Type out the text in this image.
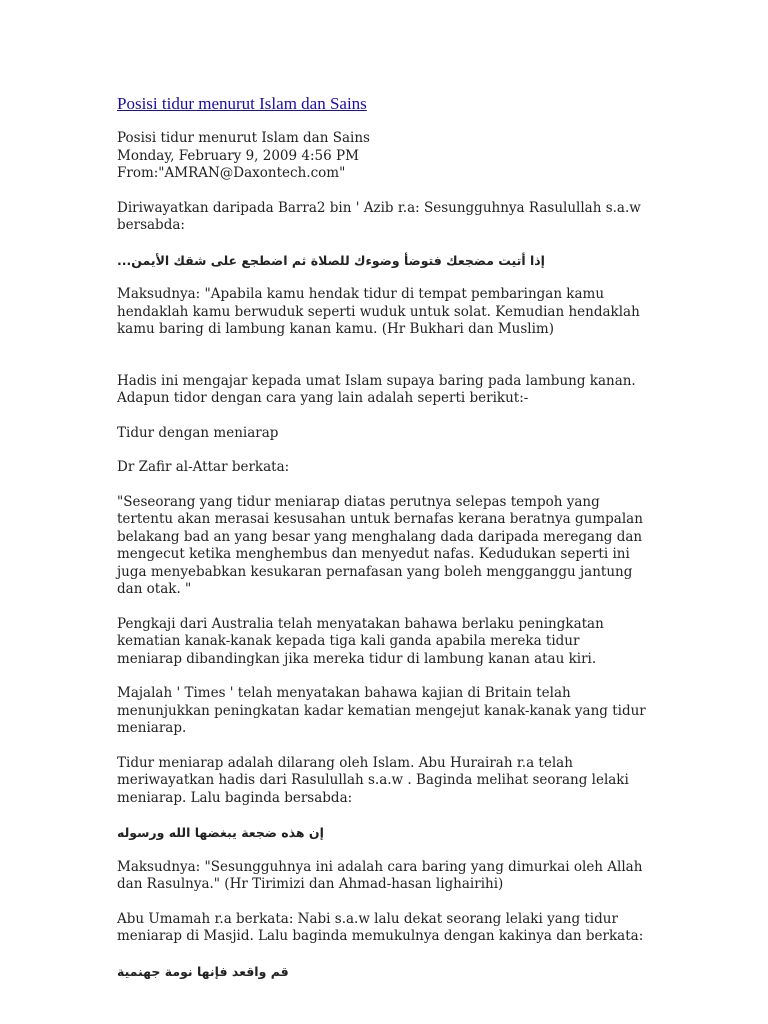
Posisi tidur menurut Islam dan Sains

Posisi tidur menurut Islam dan Sains
Monday, February 9, 2009 4:56 PM
From:"AMRAN@Daxontech.com"

Diriwayatkan daripada Barra2 bin ' Azib r.a: Sesungguhnya Rasulullah s.a.w bersabda:

إذا أتيت مضجعك فتوضأ وضوءك للصلاة ثم اضطجع على شقك الأيمن...

Maksudnya: "Apabila kamu hendak tidur di tempat pembaringan kamu hendaklah kamu berwuduk seperti wuduk untuk solat. Kemudian hendaklah kamu baring di lambung kanan kamu. (Hr Bukhari dan Muslim)

Hadis ini mengajar kepada umat Islam supaya baring pada lambung kanan. Adapun tidor dengan cara yang lain adalah seperti berikut:-

Tidur dengan meniarap

Dr Zafir al-Attar berkata:

"Seseorang yang tidur meniarap diatas perutnya selepas tempoh yang tertentu akan merasai kesusahan untuk bernafas kerana beratnya gumpalan belakang bad an yang besar yang menghalang dada daripada meregang dan mengecut ketika menghembus dan menyedut nafas. Kedudukan seperti ini juga menyebabkan kesukaran pernafasan yang boleh mengganggu jantung dan otak. "

Pengkaji dari Australia telah menyatakan bahawa berlaku peningkatan kematian kanak-kanak kepada tiga kali ganda apabila mereka tidur meniarap dibandingkan jika mereka tidur di lambung kanan atau kiri.

Majalah ' Times ' telah menyatakan bahawa kajian di Britain telah menunjukkan peningkatan kadar kematian mengejut kanak-kanak yang tidur meniarap.

Tidur meniarap adalah dilarang oleh Islam. Abu Hurairah r.a telah meriwayatkan hadis dari Rasulullah s.a.w . Baginda melihat seorang lelaki meniarap. Lalu baginda bersabda:

إن هذه ضجعة يبغضها الله ورسوله

Maksudnya: "Sesungguhnya ini adalah cara baring yang dimurkai oleh Allah dan Rasulnya." (Hr Tirimizi dan Ahmad-hasan lighairihi)

Abu Umamah r.a berkata: Nabi s.a.w lalu dekat seorang lelaki yang tidur meniarap di Masjid. Lalu baginda memukulnya dengan kakinya dan berkata:

قم واقعد فإنها نومة جهنمية
